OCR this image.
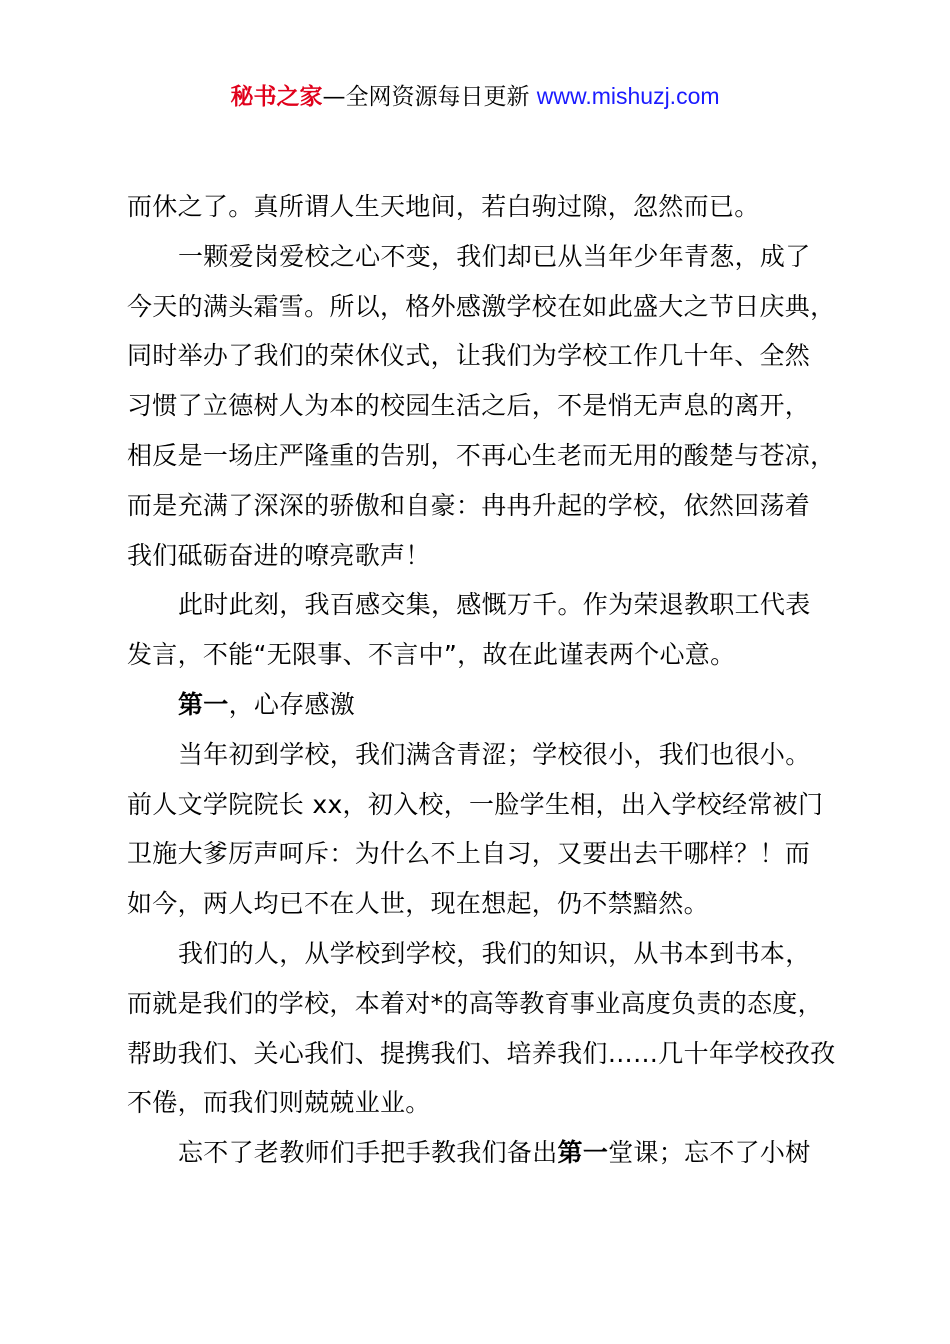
秘书之家—全网资源每日更新 www.mishuzj.com
而休之了。真所谓人生天地间，若白驹过隙，忽然而已。
一颗爱岗爱校之心不变，我们却已从当年少年青葱，成了
今天的满头霜雪。所以，格外感激学校在如此盛大之节日庆典，
同时举办了我们的荣休仪式，让我们为学校工作几十年、全然
习惯了立德树人为本的校园生活之后，不是悄无声息的离开，
相反是一场庄严隆重的告别，不再心生老而无用的酸楚与苍凉，
而是充满了深深的骄傲和自豪：冉冉升起的学校，依然回荡着
我们砥砺奋进的嘹亮歌声！
此时此刻，我百感交集，感慨万千。作为荣退教职工代表
发言，不能“无限事、不言中”，故在此谨表两个心意。
第一，心存感激
当年初到学校，我们满含青涩；学校很小，我们也很小。
前人文学院院长 xx，初入校，一脸学生相，出入学校经常被门
卫施大爹厉声呵斥：为什么不上自习，又要出去干哪样？！而
如今，两人均已不在人世，现在想起，仍不禁黯然。
我们的人，从学校到学校，我们的知识，从书本到书本，
而就是我们的学校，本着对*的高等教育事业高度负责的态度，
帮助我们、关心我们、提携我们、培养我们……几十年学校孜孜
不倦，而我们则兢兢业业。
忘不了老教师们手把手教我们备出第一堂课；忘不了小树
